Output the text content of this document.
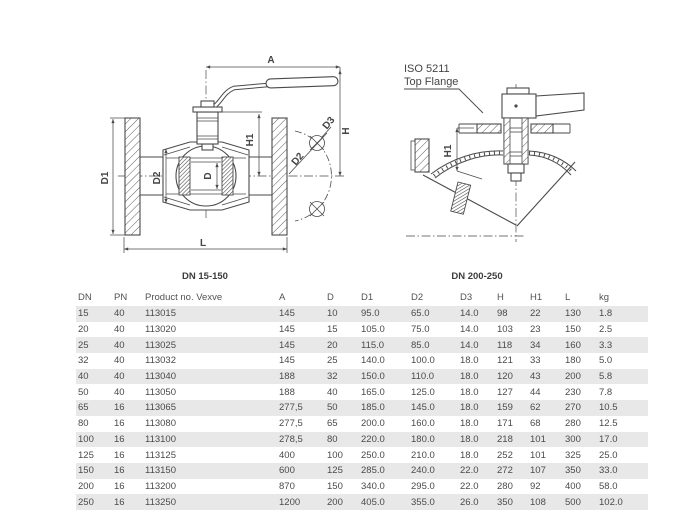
A
H
H1
D1	D2	D
D2
D3
L
DN 15-150
ISO 5211
Top Flange
H1
DN 200-250
DN	PN	Product no. Vexve	A	D	D1	D2	D3	H	H1	L	kg
15	40	113015	145	10	95.0	65.0	14.0	98	22	130	1.8
20	40	113020	145	15	105.0	75.0	14.0	103	23	150	2.5
25	40	113025	145	20	115.0	85.0	14.0	118	34	160	3.3
32	40	113032	145	25	140.0	100.0	18.0	121	33	180	5.0
40	40	113040	188	32	150.0	110.0	18.0	120	43	200	5.8
50	40	113050	188	40	165.0	125.0	18.0	127	44	230	7.8
65	16	113065	277,5	50	185.0	145.0	18.0	159	62	270	10.5
80	16	113080	277,5	65	200.0	160.0	18.0	171	68	280	12.5
100	16	113100	278,5	80	220.0	180.0	18.0	218	101	300	17.0
125	16	113125	400	100	250.0	210.0	18.0	252	101	325	25.0
150	16	113150	600	125	285.0	240.0	22.0	272	107	350	33.0
200	16	113200	870	150	340.0	295.0	22.0	280	92	400	58.0
250	16	113250	1200	200	405.0	355.0	26.0	350	108	500	102.0
